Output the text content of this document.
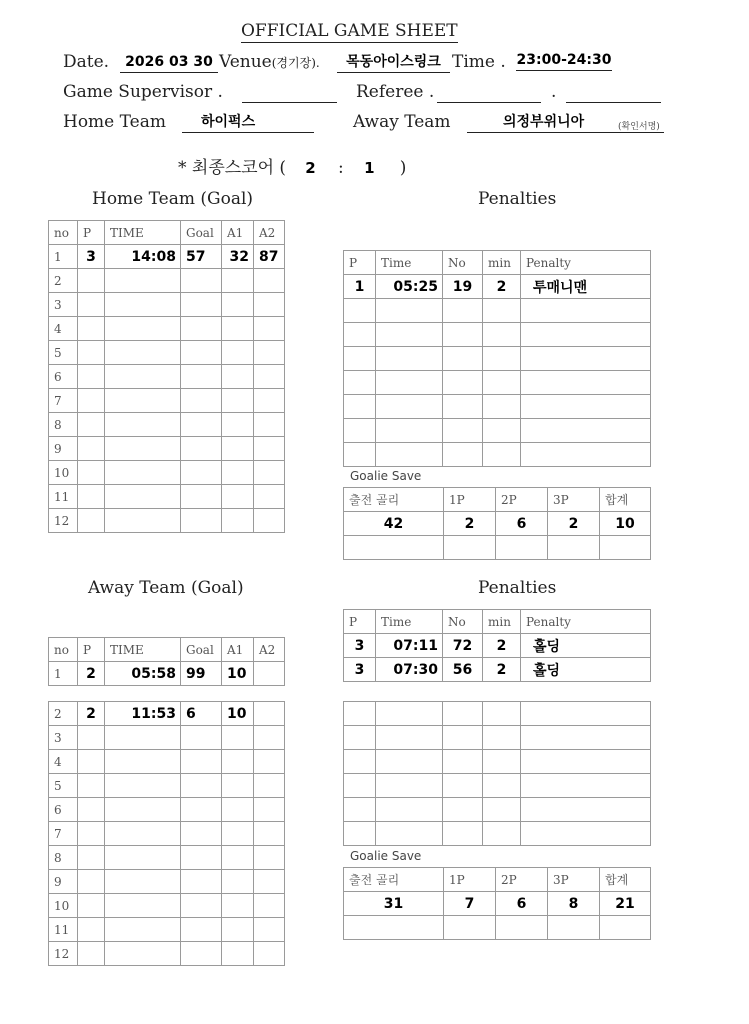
OFFICIAL GAME SHEET
Date.	2026 03 30 Venue(경기장).	목동아이스링크 Time . 23:00-24:30
Game Supervisor .	Referee .	.
Home Team	하이퍽스	Away Team	의정부위니아	(확인서명)
* 최종스코어 ( 2 : 1 )
Home Team (Goal)	Penalties
Away Team (Goal)	Penalties
no	P	TIME	Goal	A1	A2
1	3	14:08	57	32	87
2					
3					
4					
5					
6					
7					
8					
9					
10					
11					
12					
P	Time	No	min	Penalty
1	05:25	19	2	투매니맨

Goalie Save
출전 골리	1P	2P	3P	합계
42	2	6	2	10

no	P	TIME	Goal	A1	A2
1	2	05:58	99	10	
2	2	11:53	6	10	
3					
4					
5					
6					
7					
8					
9					
10					
11					
12					
P	Time	No	min	Penalty
3	07:11	72	2	홀딩
3	07:30	56	2	홀딩

Goalie Save
출전 골리	1P	2P	3P	합계
31	7	6	8	21
